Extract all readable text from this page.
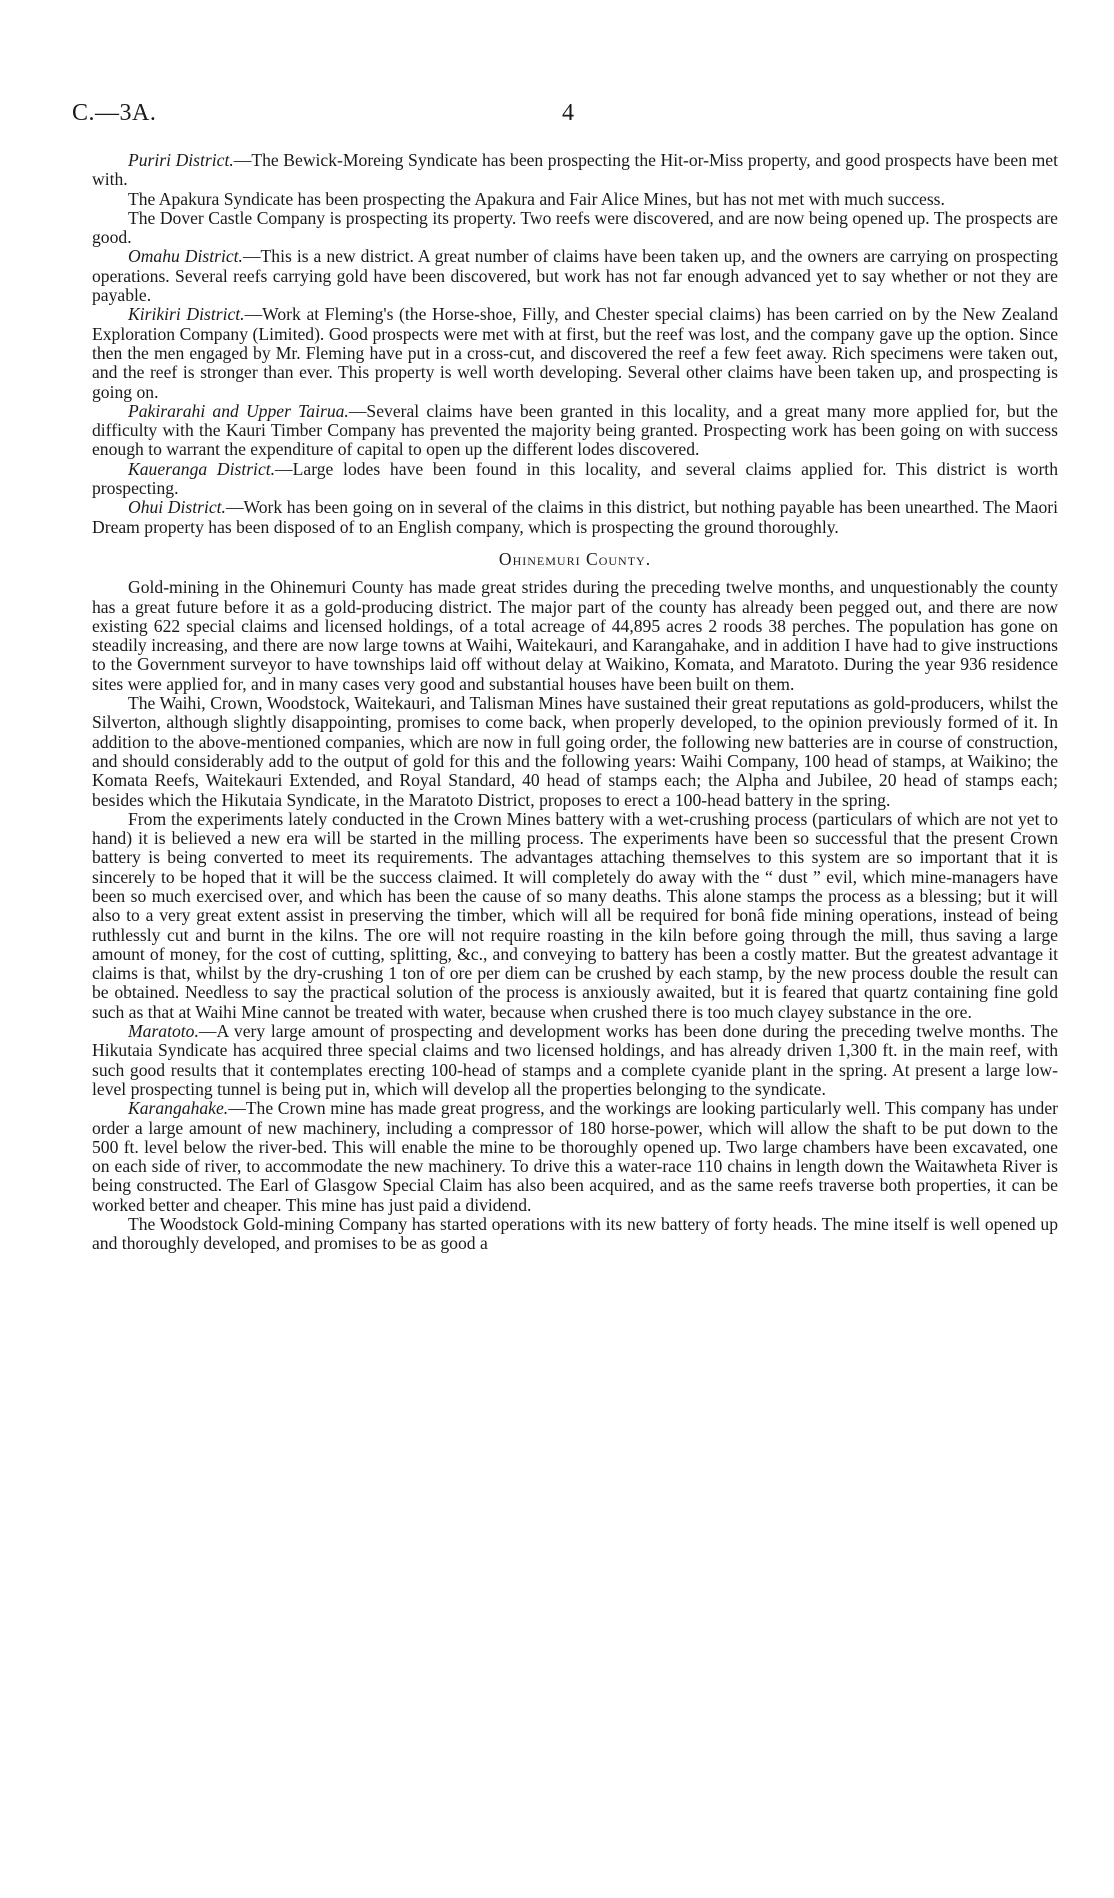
C.—3A.	4

Puriri District.—The Bewick-Moreing Syndicate has been prospecting the Hit-or-Miss property, and good prospects have been met with.

The Apakura Syndicate has been prospecting the Apakura and Fair Alice Mines, but has not met with much success.

The Dover Castle Company is prospecting its property. Two reefs were discovered, and are now being opened up. The prospects are good.

Omahu District.—This is a new district. A great number of claims have been taken up, and the owners are carrying on prospecting operations. Several reefs carrying gold have been discovered, but work has not far enough advanced yet to say whether or not they are payable.

Kirikiri District.—Work at Fleming's (the Horse-shoe, Filly, and Chester special claims) has been carried on by the New Zealand Exploration Company (Limited). Good prospects were met with at first, but the reef was lost, and the company gave up the option. Since then the men engaged by Mr. Fleming have put in a cross-cut, and discovered the reef a few feet away. Rich specimens were taken out, and the reef is stronger than ever. This property is well worth developing. Several other claims have been taken up, and prospecting is going on.

Pakirarahi and Upper Tairua.—Several claims have been granted in this locality, and a great many more applied for, but the difficulty with the Kauri Timber Company has prevented the majority being granted. Prospecting work has been going on with success enough to warrant the expenditure of capital to open up the different lodes discovered.

Kaueranga District.—Large lodes have been found in this locality, and several claims applied for. This district is worth prospecting.

Ohui District.—Work has been going on in several of the claims in this district, but nothing payable has been unearthed. The Maori Dream property has been disposed of to an English company, which is prospecting the ground thoroughly.

Ohinemuri County.

Gold-mining in the Ohinemuri County has made great strides during the preceding twelve months, and unquestionably the county has a great future before it as a gold-producing district. The major part of the county has already been pegged out, and there are now existing 622 special claims and licensed holdings, of a total acreage of 44,895 acres 2 roods 38 perches. The population has gone on steadily increasing, and there are now large towns at Waihi, Waitekauri, and Karangahake, and in addition I have had to give instructions to the Government surveyor to have townships laid off without delay at Waikino, Komata, and Maratoto. During the year 936 residence sites were applied for, and in many cases very good and substantial houses have been built on them.

The Waihi, Crown, Woodstock, Waitekauri, and Talisman Mines have sustained their great reputations as gold-producers, whilst the Silverton, although slightly disappointing, promises to come back, when properly developed, to the opinion previously formed of it. In addition to the above-mentioned companies, which are now in full going order, the following new batteries are in course of construction, and should considerably add to the output of gold for this and the following years: Waihi Company, 100 head of stamps, at Waikino; the Komata Reefs, Waitekauri Extended, and Royal Standard, 40 head of stamps each; the Alpha and Jubilee, 20 head of stamps each; besides which the Hikutaia Syndicate, in the Maratoto District, proposes to erect a 100-head battery in the spring.

From the experiments lately conducted in the Crown Mines battery with a wet-crushing process (particulars of which are not yet to hand) it is believed a new era will be started in the milling process. The experiments have been so successful that the present Crown battery is being converted to meet its requirements. The advantages attaching themselves to this system are so important that it is sincerely to be hoped that it will be the success claimed. It will completely do away with the “ dust ” evil, which mine-managers have been so much exercised over, and which has been the cause of so many deaths. This alone stamps the process as a blessing; but it will also to a very great extent assist in preserving the timber, which will all be required for bonâ fide mining operations, instead of being ruthlessly cut and burnt in the kilns. The ore will not require roasting in the kiln before going through the mill, thus saving a large amount of money, for the cost of cutting, splitting, &c., and conveying to battery has been a costly matter. But the greatest advantage it claims is that, whilst by the dry-crushing 1 ton of ore per diem can be crushed by each stamp, by the new process double the result can be obtained. Needless to say the practical solution of the process is anxiously awaited, but it is feared that quartz containing fine gold such as that at Waihi Mine cannot be treated with water, because when crushed there is too much clayey substance in the ore.

Maratoto.—A very large amount of prospecting and development works has been done during the preceding twelve months. The Hikutaia Syndicate has acquired three special claims and two licensed holdings, and has already driven 1,300 ft. in the main reef, with such good results that it contemplates erecting 100-head of stamps and a complete cyanide plant in the spring. At present a large low-level prospecting tunnel is being put in, which will develop all the properties belonging to the syndicate.

Karangahake.—The Crown mine has made great progress, and the workings are looking particularly well. This company has under order a large amount of new machinery, including a compressor of 180 horse-power, which will allow the shaft to be put down to the 500 ft. level below the river-bed. This will enable the mine to be thoroughly opened up. Two large chambers have been excavated, one on each side of river, to accommodate the new machinery. To drive this a water-race 110 chains in length down the Waitawheta River is being constructed. The Earl of Glasgow Special Claim has also been acquired, and as the same reefs traverse both properties, it can be worked better and cheaper. This mine has just paid a dividend.

The Woodstock Gold-mining Company has started operations with its new battery of forty heads. The mine itself is well opened up and thoroughly developed, and promises to be as good a
